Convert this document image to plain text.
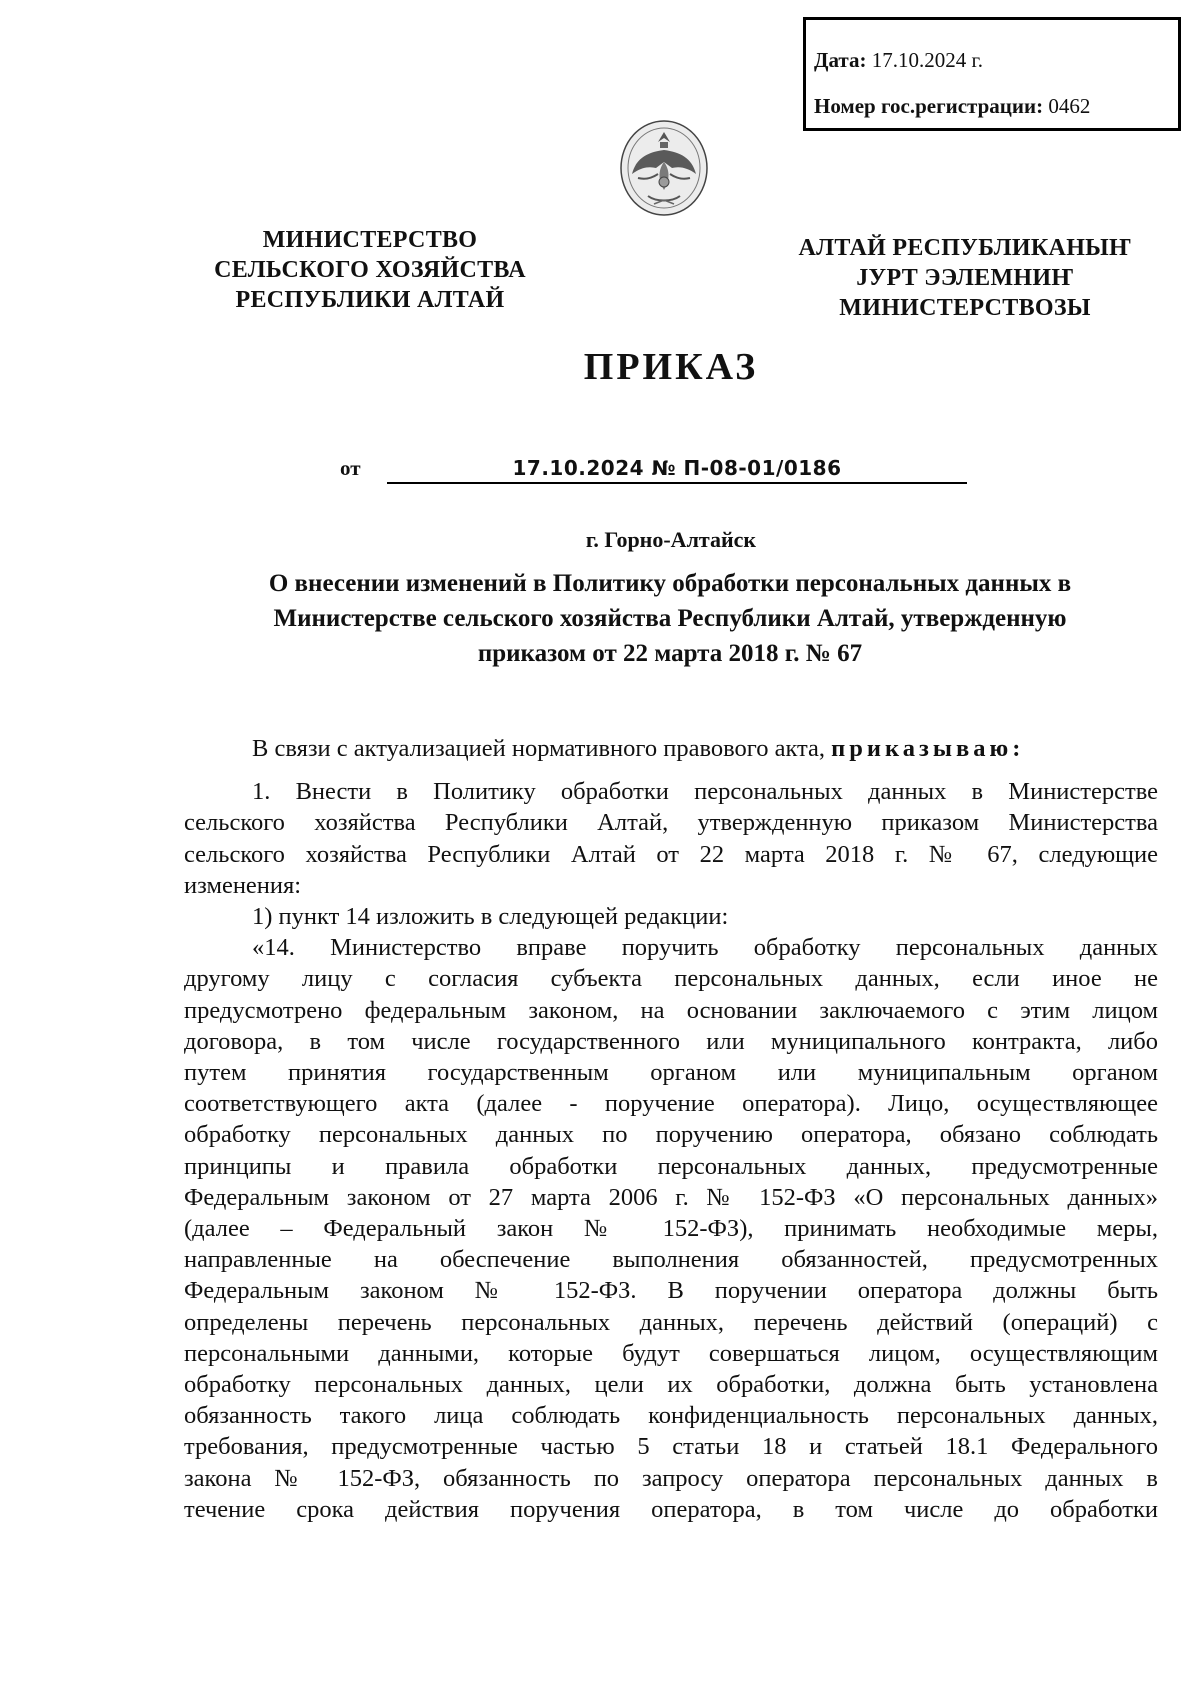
Дата: 17.10.2024 г.
Номер гос.регистрации: 0462
МИНИСТЕРСТВО
СЕЛЬСКОГО ХОЗЯЙСТВА
РЕСПУБЛИКИ АЛТАЙ
АЛТАЙ РЕСПУБЛИКАНЫҤ
ЈУРТ ЭЭЛЕМНИҤ
МИНИСТЕРСТВОЗЫ
ПРИКАЗ
от	17.10.2024 № П-08-01/0186
г. Горно-Алтайск
О внесении изменений в Политику обработки персональных данных в
Министерстве сельского хозяйства Республики Алтай, утвержденную
приказом от 22 марта 2018 г. № 67
В связи с актуализацией нормативного правового акта, приказываю:
1. Внести в Политику обработки персональных данных в Министерстве
сельского хозяйства Республики Алтай, утвержденную приказом Министерства
сельского хозяйства Республики Алтай от 22 марта 2018 г. № 67, следующие
изменения:
1) пункт 14 изложить в следующей редакции:
«14. Министерство вправе поручить обработку персональных данных
другому лицу с согласия субъекта персональных данных, если иное не
предусмотрено федеральным законом, на основании заключаемого с этим лицом
договора, в том числе государственного или муниципального контракта, либо
путем принятия государственным органом или муниципальным органом
соответствующего акта (далее - поручение оператора). Лицо, осуществляющее
обработку персональных данных по поручению оператора, обязано соблюдать
принципы и правила обработки персональных данных, предусмотренные
Федеральным законом от 27 марта 2006 г. № 152-ФЗ «О персональных данных»
(далее – Федеральный закон № 152-ФЗ), принимать необходимые меры,
направленные на обеспечение выполнения обязанностей, предусмотренных
Федеральным законом № 152-ФЗ. В поручении оператора должны быть
определены перечень персональных данных, перечень действий (операций) с
персональными данными, которые будут совершаться лицом, осуществляющим
обработку персональных данных, цели их обработки, должна быть установлена
обязанность такого лица соблюдать конфиденциальность персональных данных,
требования, предусмотренные частью 5 статьи 18 и статьей 18.1 Федерального
закона № 152-ФЗ, обязанность по запросу оператора персональных данных в
течение срока действия поручения оператора, в том числе до обработки
